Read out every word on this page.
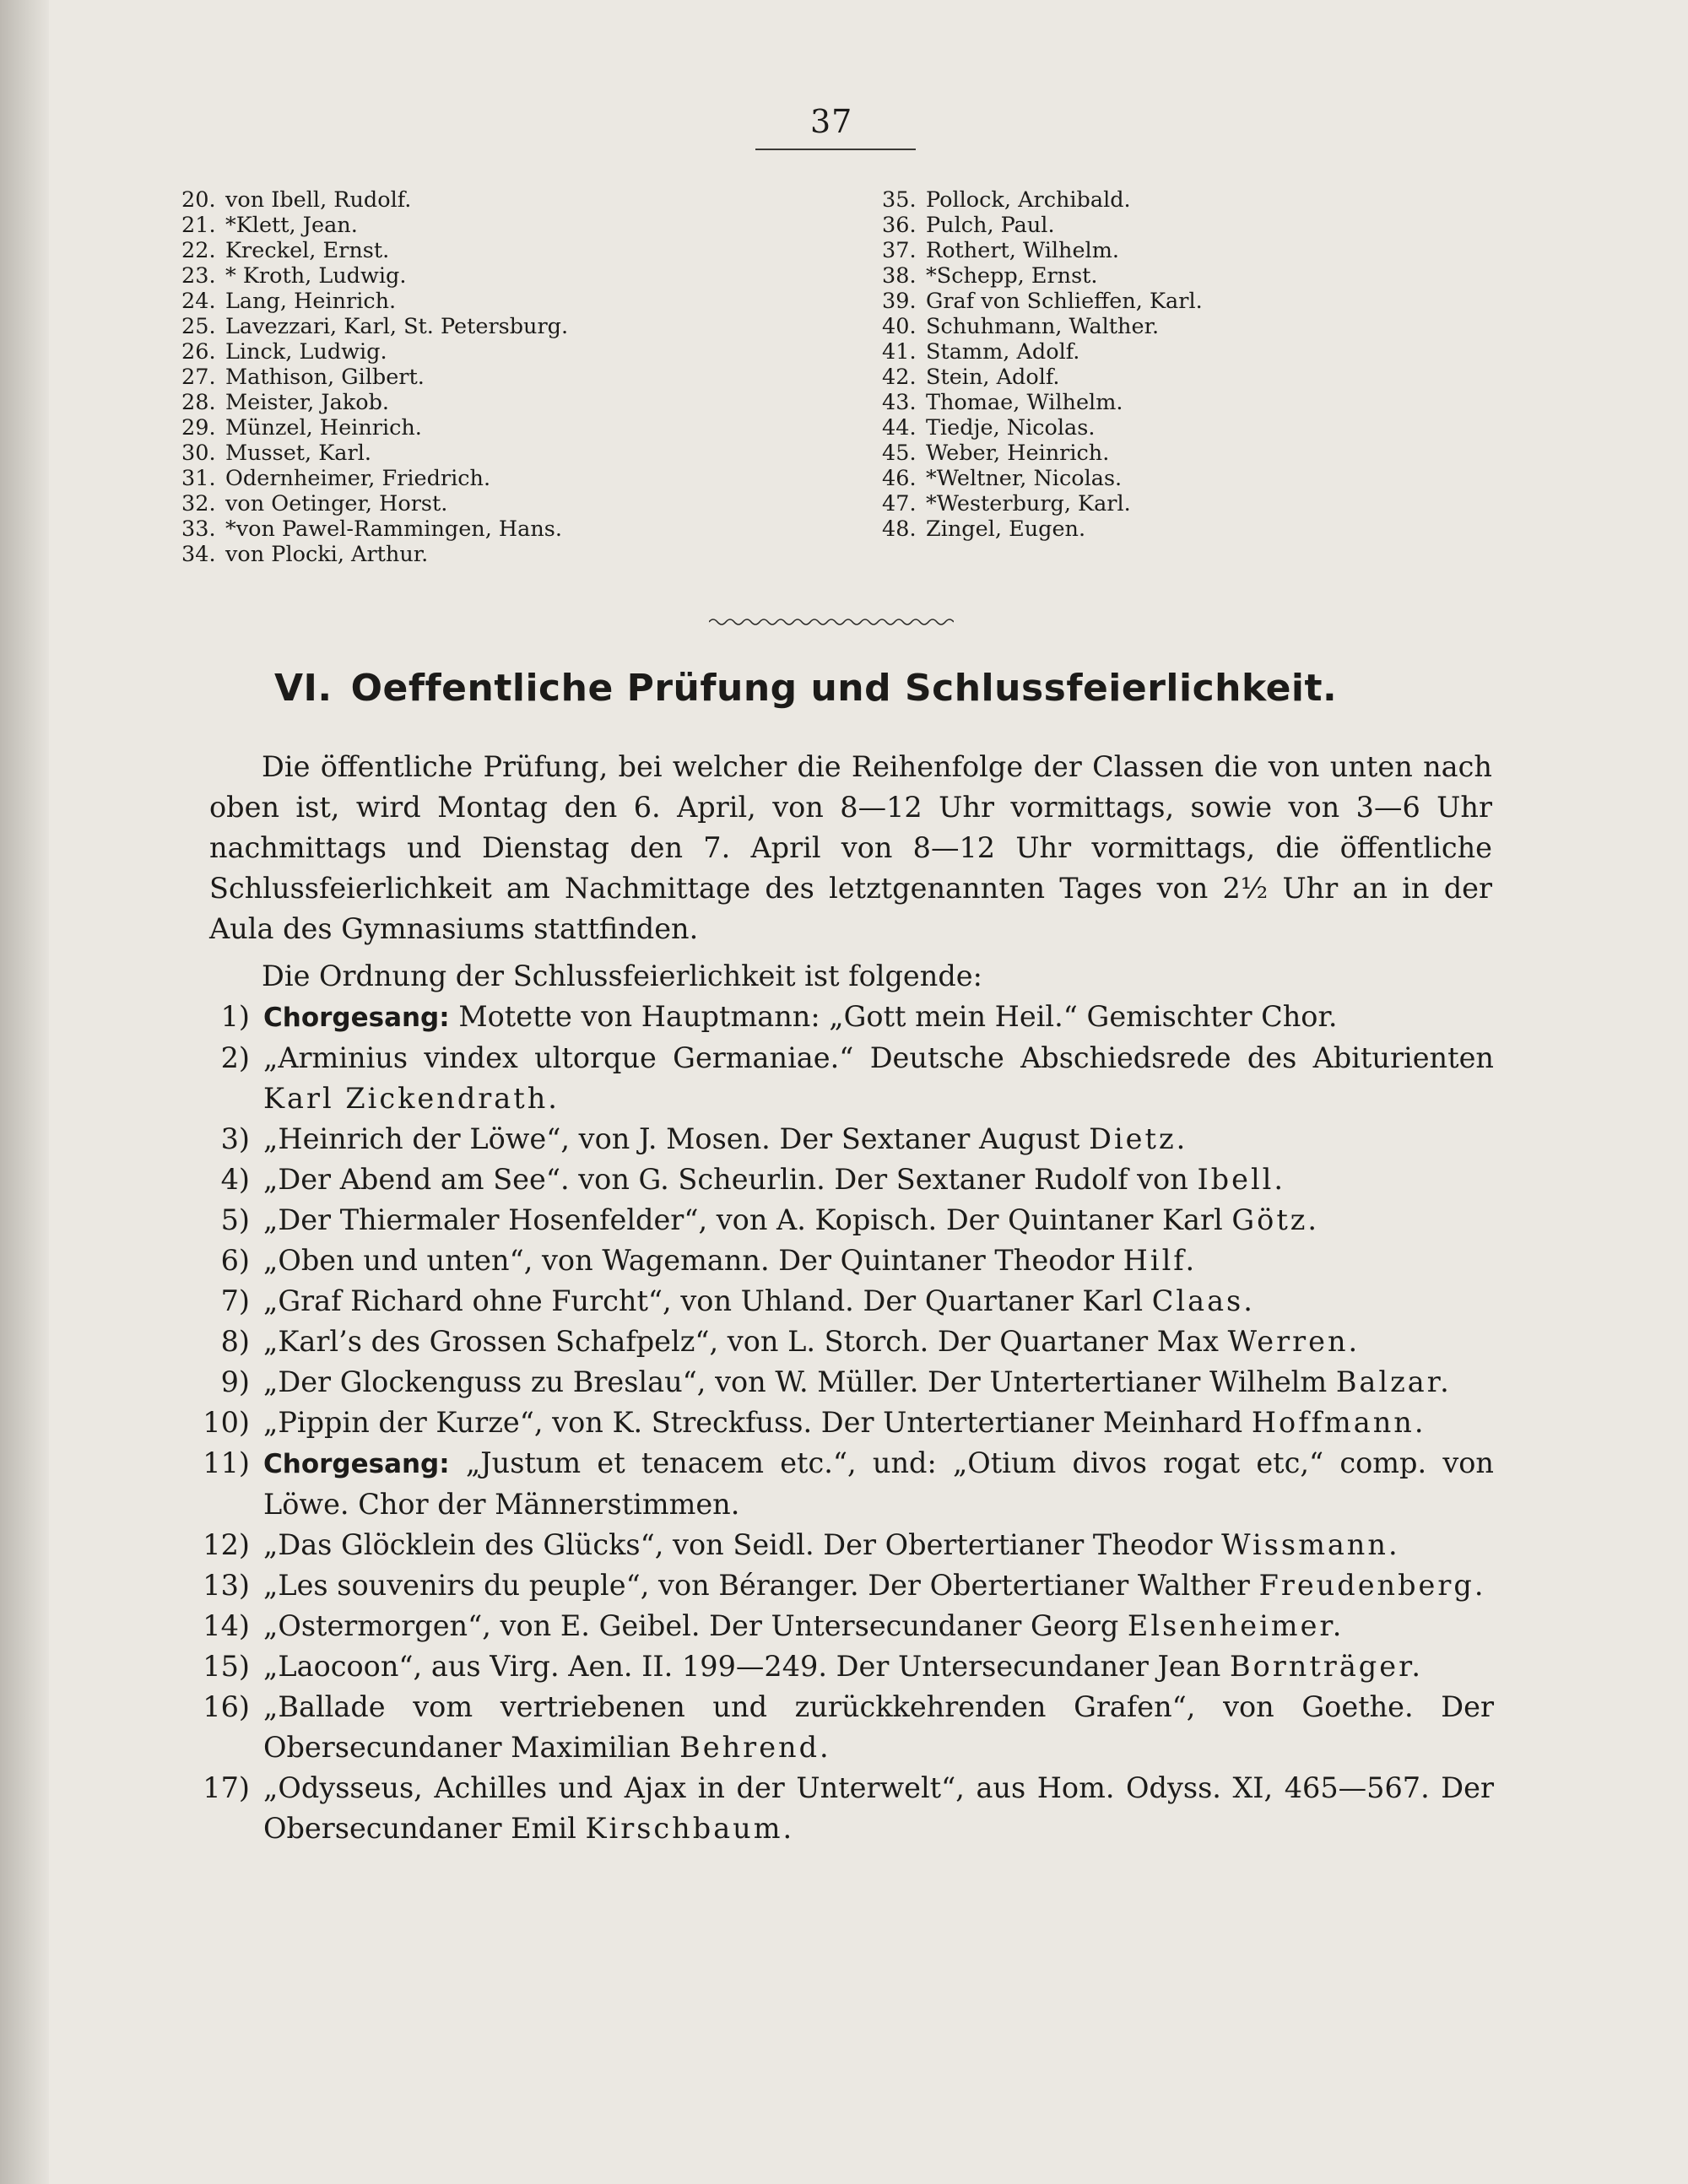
37
20. von Ibell, Rudolf.
21. *Klett, Jean.
22. Kreckel, Ernst.
23. * Kroth, Ludwig.
24. Lang, Heinrich.
25. Lavezzari, Karl, St. Petersburg.
26. Linck, Ludwig.
27. Mathison, Gilbert.
28. Meister, Jakob.
29. Münzel, Heinrich.
30. Musset, Karl.
31. Odernheimer, Friedrich.
32. von Oetinger, Horst.
33. *von Pawel-Rammingen, Hans.
34. von Plocki, Arthur.
35. Pollock, Archibald.
36. Pulch, Paul.
37. Rothert, Wilhelm.
38. *Schepp, Ernst.
39. Graf von Schlieffen, Karl.
40. Schuhmann, Walther.
41. Stamm, Adolf.
42. Stein, Adolf.
43. Thomae, Wilhelm.
44. Tiedje, Nicolas.
45. Weber, Heinrich.
46. *Weltner, Nicolas.
47. *Westerburg, Karl.
48. Zingel, Eugen.
VI. Oeffentliche Prüfung und Schlussfeierlichkeit.
Die öffentliche Prüfung, bei welcher die Reihenfolge der Classen die von unten nach oben ist, wird Montag den 6. April, von 8—12 Uhr vormittags, sowie von 3—6 Uhr nachmittags und Dienstag den 7. April von 8—12 Uhr vormittags, die öffentliche Schlussfeierlichkeit am Nachmittage des letztgenannten Tages von 2½ Uhr an in der Aula des Gymnasiums stattfinden.
Die Ordnung der Schlussfeierlichkeit ist folgende:
1) Chorgesang: Motette von Hauptmann: „Gott mein Heil.“ Gemischter Chor.
2) „Arminius vindex ultorque Germaniae.“ Deutsche Abschiedsrede des Abiturienten Karl Zickendrath.
3) „Heinrich der Löwe“, von J. Mosen. Der Sextaner August Dietz.
4) „Der Abend am See“. von G. Scheurlin. Der Sextaner Rudolf von Ibell.
5) „Der Thiermaler Hosenfelder“, von A. Kopisch. Der Quintaner Karl Götz.
6) „Oben und unten“, von Wagemann. Der Quintaner Theodor Hilf.
7) „Graf Richard ohne Furcht“, von Uhland. Der Quartaner Karl Claas.
8) „Karl’s des Grossen Schafpelz“, von L. Storch. Der Quartaner Max Werren.
9) „Der Glockenguss zu Breslau“, von W. Müller. Der Untertertianer Wilhelm Balzar.
10) „Pippin der Kurze“, von K. Streckfuss. Der Untertertianer Meinhard Hoffmann.
11) Chorgesang: „Justum et tenacem etc.“, und: „Otium divos rogat etc,“ comp. von Löwe. Chor der Männerstimmen.
12) „Das Glöcklein des Glücks“, von Seidl. Der Obertertianer Theodor Wissmann.
13) „Les souvenirs du peuple“, von Béranger. Der Obertertianer Walther Freudenberg.
14) „Ostermorgen“, von E. Geibel. Der Untersecundaner Georg Elsenheimer.
15) „Laocoon“, aus Virg. Aen. II. 199—249. Der Untersecundaner Jean Bornträger.
16) „Ballade vom vertriebenen und zurückkehrenden Grafen“, von Goethe. Der Obersecundaner Maximilian Behrend.
17) „Odysseus, Achilles und Ajax in der Unterwelt“, aus Hom. Odyss. XI, 465—567. Der Obersecundaner Emil Kirschbaum.
